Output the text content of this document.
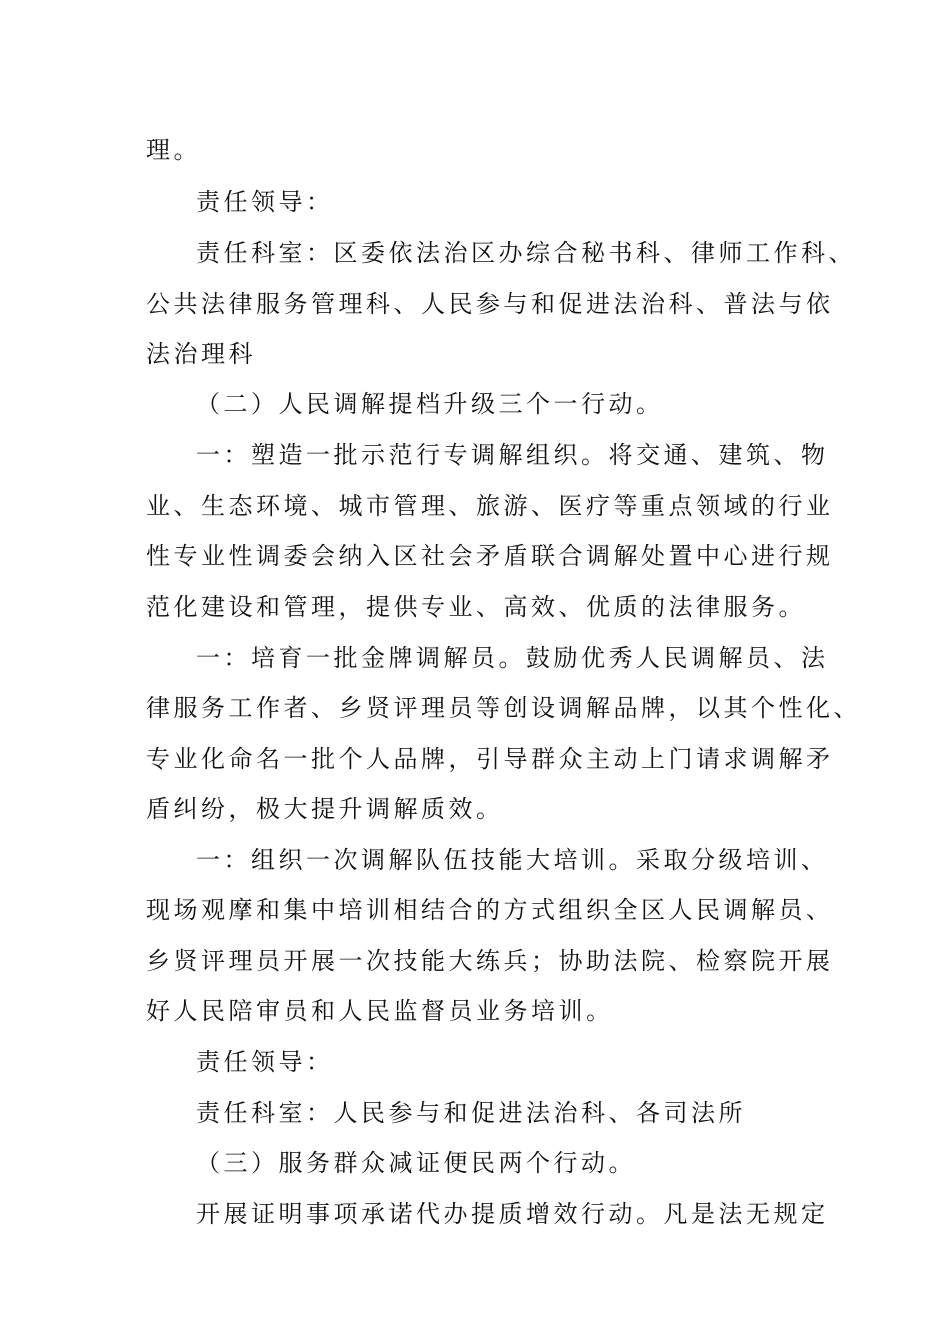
理。
责任领导：
责任科室：区委依法治区办综合秘书科、律师工作科、
公共法律服务管理科、人民参与和促进法治科、普法与依
法治理科
（二）人民调解提档升级三个一行动。
一：塑造一批示范行专调解组织。将交通、建筑、物
业、生态环境、城市管理、旅游、医疗等重点领域的行业
性专业性调委会纳入区社会矛盾联合调解处置中心进行规
范化建设和管理，提供专业、高效、优质的法律服务。
一：培育一批金牌调解员。鼓励优秀人民调解员、法
律服务工作者、乡贤评理员等创设调解品牌，以其个性化、
专业化命名一批个人品牌，引导群众主动上门请求调解矛
盾纠纷，极大提升调解质效。
一：组织一次调解队伍技能大培训。采取分级培训、
现场观摩和集中培训相结合的方式组织全区人民调解员、
乡贤评理员开展一次技能大练兵；协助法院、检察院开展
好人民陪审员和人民监督员业务培训。
责任领导：
责任科室：人民参与和促进法治科、各司法所
（三）服务群众减证便民两个行动。
开展证明事项承诺代办提质增效行动。凡是法无规定
